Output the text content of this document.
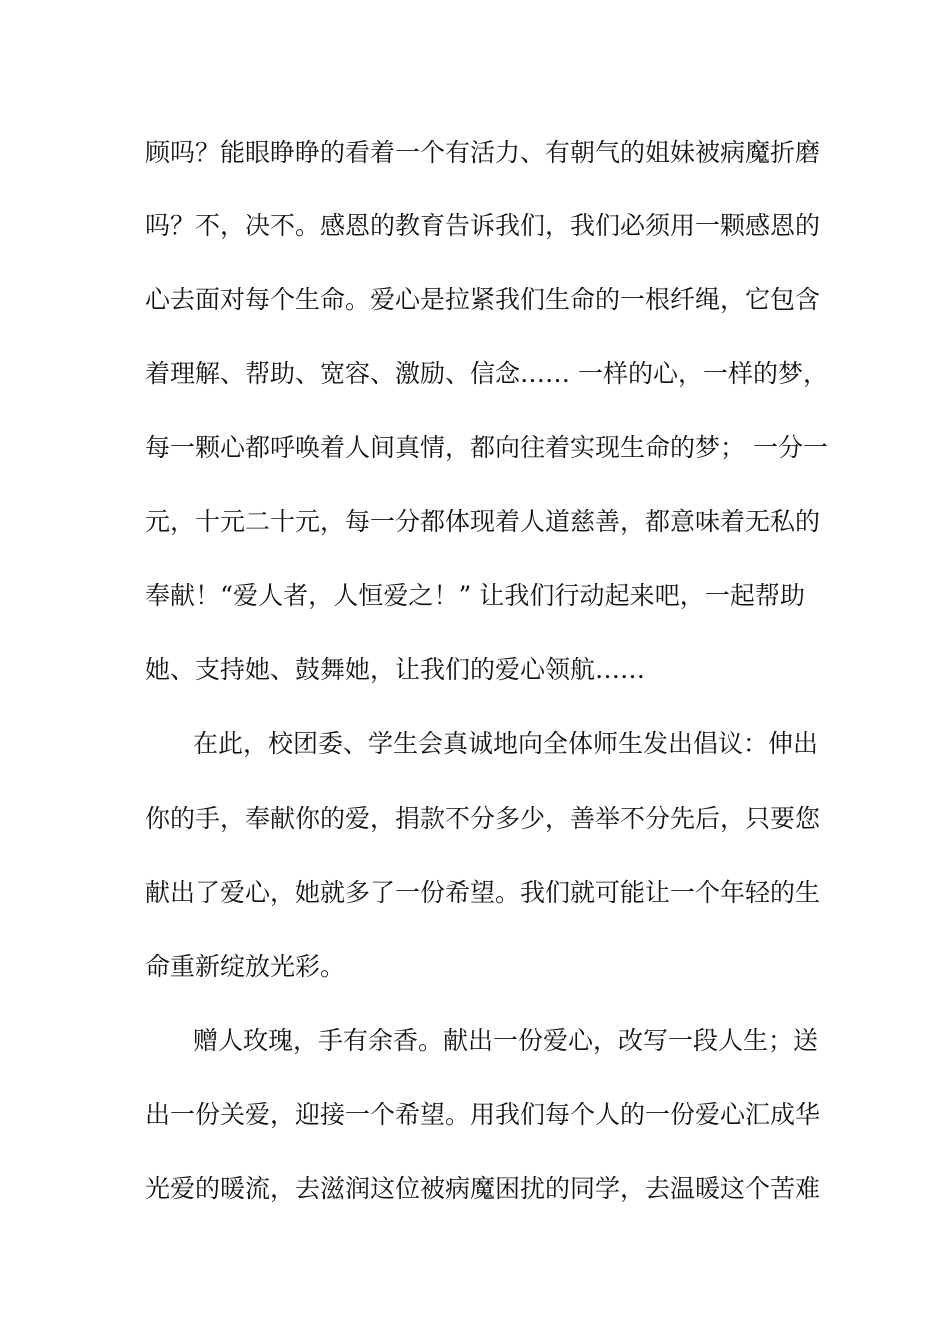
顾吗？能眼睁睁的看着一个有活力、有朝气的姐妹被病魔折磨
吗？不，决不。感恩的教育告诉我们，我们必须用一颗感恩的
心去面对每个生命。爱心是拉紧我们生命的一根纤绳，它包含
着理解、帮助、宽容、激励、信念…… 一样的心，一样的梦，
每一颗心都呼唤着人间真情，都向往着实现生命的梦； 一分一
元，十元二十元，每一分都体现着人道慈善，都意味着无私的
奉献！“爱人者，人恒爱之！” 让我们行动起来吧，一起帮助
她、支持她、鼓舞她，让我们的爱心领航……
在此，校团委、学生会真诚地向全体师生发出倡议：伸出
你的手，奉献你的爱，捐款不分多少，善举不分先后，只要您
献出了爱心，她就多了一份希望。我们就可能让一个年轻的生
命重新绽放光彩。
赠人玫瑰，手有余香。献出一份爱心，改写一段人生；送
出一份关爱，迎接一个希望。用我们每个人的一份爱心汇成华
光爱的暖流，去滋润这位被病魔困扰的同学，去温暖这个苦难
